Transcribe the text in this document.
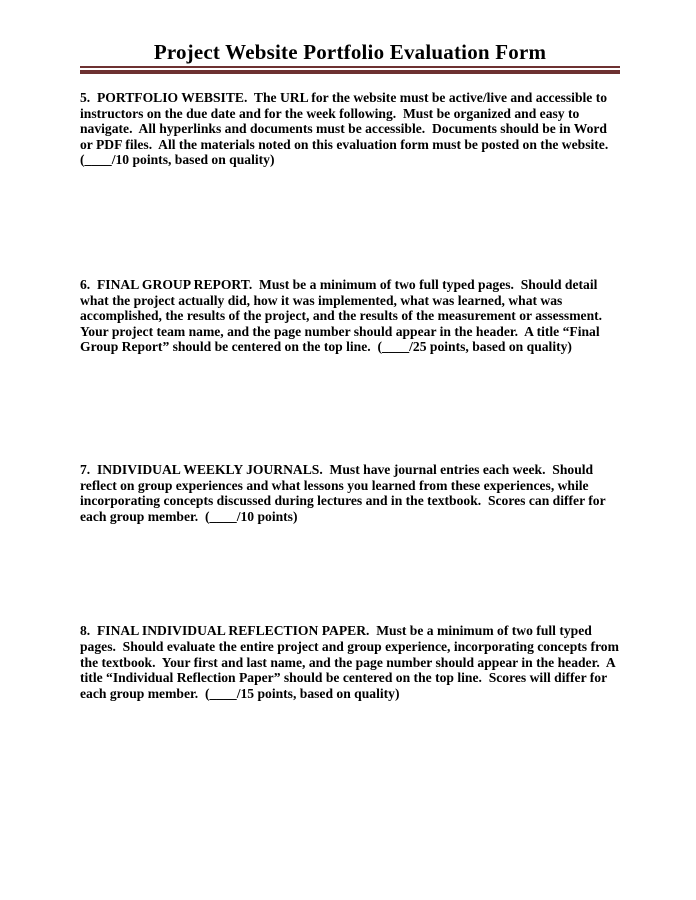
Project Website Portfolio Evaluation Form

5.  PORTFOLIO WEBSITE.  The URL for the website must be active/live and accessible to instructors on the due date and for the week following.  Must be organized and easy to navigate.  All hyperlinks and documents must be accessible.  Documents should be in Word or PDF files.  All the materials noted on this evaluation form must be posted on the website.  (____/10 points, based on quality)

6.  FINAL GROUP REPORT.  Must be a minimum of two full typed pages.  Should detail what the project actually did, how it was implemented, what was learned, what was accomplished, the results of the project, and the results of the measurement or assessment.  Your project team name, and the page number should appear in the header.  A title “Final Group Report” should be centered on the top line.  (____/25 points, based on quality)

7.  INDIVIDUAL WEEKLY JOURNALS.  Must have journal entries each week.  Should reflect on group experiences and what lessons you learned from these experiences, while incorporating concepts discussed during lectures and in the textbook.  Scores can differ for each group member.  (____/10 points)

8.  FINAL INDIVIDUAL REFLECTION PAPER.  Must be a minimum of two full typed pages.  Should evaluate the entire project and group experience, incorporating concepts from the textbook.  Your first and last name, and the page number should appear in the header.  A title “Individual Reflection Paper” should be centered on the top line.  Scores will differ for each group member.  (____/15 points, based on quality)
